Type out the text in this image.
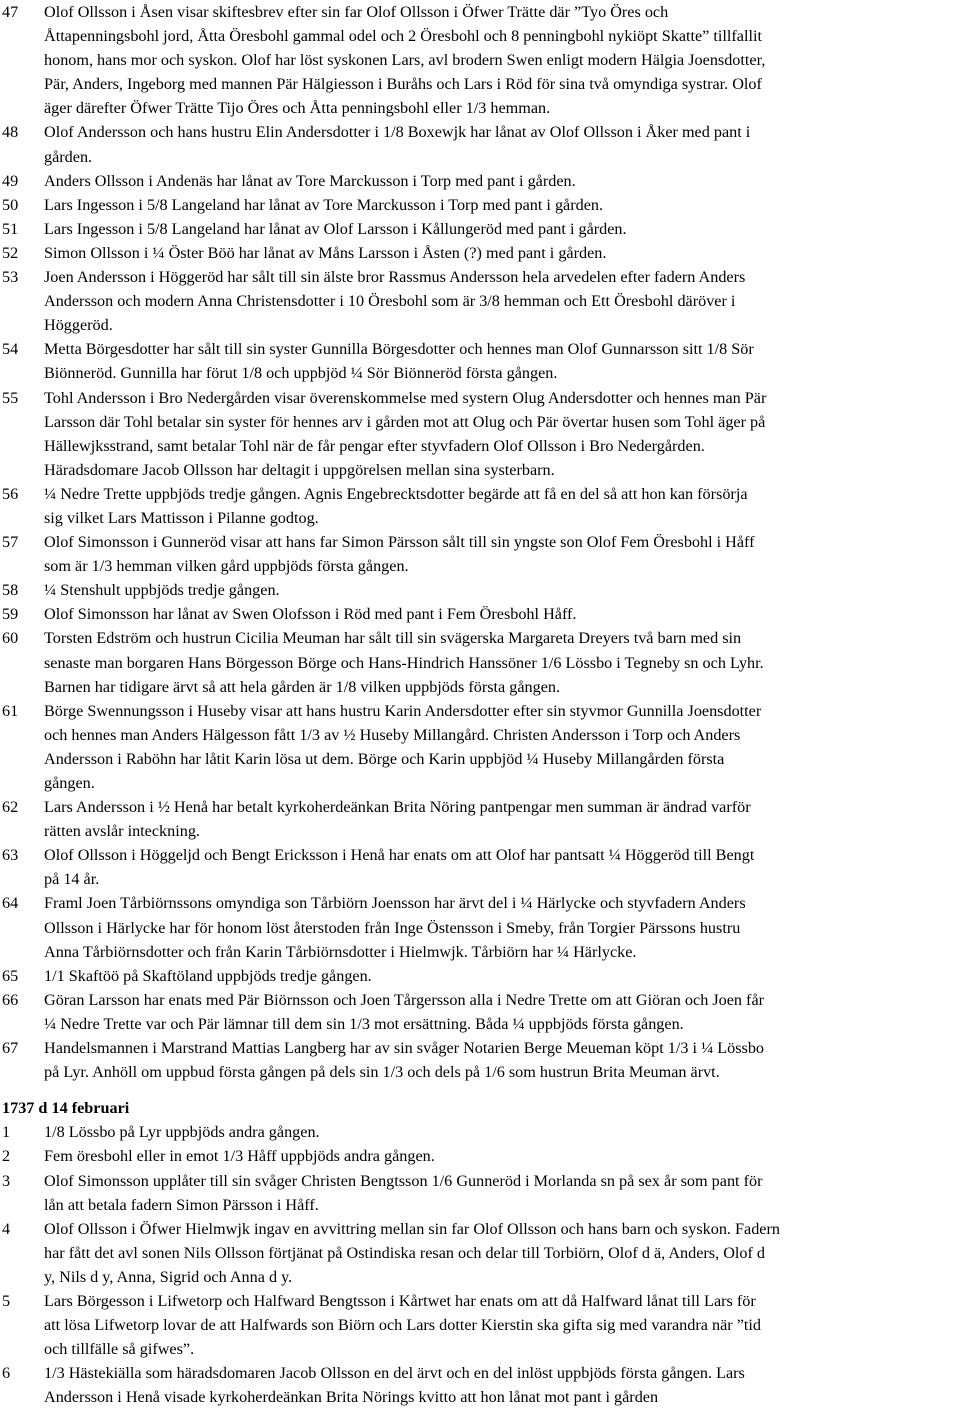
47	Olof Ollsson i Åsen visar skiftesbrev efter sin far Olof Ollsson i Öfwer Trätte där ”Tyo Öres och
Åttapenningsbohl jord, Åtta Öresbohl gammal odel och 2 Öresbohl och 8 penningbohl nykiöpt Skatte” tillfallit
honom, hans mor och syskon. Olof har löst syskonen Lars, avl brodern Swen enligt modern Hälgia Joensdotter,
Pär, Anders, Ingeborg med mannen Pär Hälgiesson i Buråhs och Lars i Röd för sina två omyndiga systrar. Olof
äger därefter Öfwer Trätte Tijo Öres och Åtta penningsbohl eller 1/3 hemman.
48	Olof Andersson och hans hustru Elin Andersdotter i 1/8 Boxewjk har lånat av Olof Ollsson i Åker med pant i
gården.
49	Anders Ollsson i Andenäs har lånat av Tore Marckusson i Torp med pant i gården.
50	Lars Ingesson i 5/8 Langeland har lånat av Tore Marckusson i Torp med pant i gården.
51	Lars Ingesson i 5/8 Langeland har lånat av Olof Larsson i Kållungeröd med pant i gården.
52	Simon Ollsson i ¼ Öster Böö har lånat av Måns Larsson i Åsten (?) med pant i gården.
53	Joen Andersson i Höggeröd har sålt till sin älste bror Rassmus Andersson hela arvedelen efter fadern Anders
Andersson och modern Anna Christensdotter i 10 Öresbohl som är 3/8 hemman och Ett Öresbohl däröver i
Höggeröd.
54	Metta Börgesdotter har sålt till sin syster Gunnilla Börgesdotter och hennes man Olof Gunnarsson sitt 1/8 Sör
Biönneröd. Gunnilla har förut 1/8 och uppbjöd ¼ Sör Biönneröd första gången.
55	Tohl Andersson i Bro Nedergården visar överenskommelse med systern Olug Andersdotter och hennes man Pär
Larsson där Tohl betalar sin syster för hennes arv i gården mot att Olug och Pär övertar husen som Tohl äger på
Hällewjksstrand, samt betalar Tohl när de får pengar efter styvfadern Olof Ollsson i Bro Nedergården.
Häradsdomare Jacob Ollsson har deltagit i uppgörelsen mellan sina systerbarn.
56	¼ Nedre Trette uppbjöds tredje gången. Agnis Engebrecktsdotter begärde att få en del så att hon kan försörja
sig vilket Lars Mattisson i Pilanne godtog.
57	Olof Simonsson i Gunneröd visar att hans far Simon Pärsson sålt till sin yngste son Olof Fem Öresbohl i Håff
som är 1/3 hemman vilken gård uppbjöds första gången.
58	¼ Stenshult uppbjöds tredje gången.
59	Olof Simonsson har lånat av Swen Olofsson i Röd med pant i Fem Öresbohl Håff.
60	Torsten Edström och hustrun Cicilia Meuman har sålt till sin svägerska Margareta Dreyers två barn med sin
senaste man borgaren Hans Börgesson Börge och Hans-Hindrich Hanssöner 1/6 Lössbo i Tegneby sn och Lyhr.
Barnen har tidigare ärvt så att hela gården är 1/8 vilken uppbjöds första gången.
61	Börge Swennungsson i Huseby visar att hans hustru Karin Andersdotter efter sin styvmor Gunnilla Joensdotter
och hennes man Anders Hälgesson fått 1/3 av ½ Huseby Millangård. Christen Andersson i Torp och Anders
Andersson i Raböhn har låtit Karin lösa ut dem. Börge och Karin uppbjöd ¼ Huseby Millangården första
gången.
62	Lars Andersson i ½ Henå har betalt kyrkoherdeänkan Brita Nöring pantpengar men summan är ändrad varför
rätten avslår inteckning.
63	Olof Ollsson i Höggeljd och Bengt Ericksson i Henå har enats om att Olof har pantsatt ¼ Höggeröd till Bengt
på 14 år.
64	Framl Joen Tårbiörnssons omyndiga son Tårbiörn Joensson har ärvt del i ¼ Härlycke och styvfadern Anders
Ollsson i Härlycke har för honom löst återstoden från Inge Östensson i Smeby, från Torgier Pärssons hustru
Anna Tårbiörnsdotter och från Karin Tårbiörnsdotter i Hielmwjk. Tårbiörn har ¼ Härlycke.
65	1/1 Skaftöö på Skaftöland uppbjöds tredje gången.
66	Göran Larsson har enats med Pär Biörnsson och Joen Tårgersson alla i Nedre Trette om att Giöran och Joen får
¼ Nedre Trette var och Pär lämnar till dem sin 1/3 mot ersättning. Båda ¼ uppbjöds första gången.
67	Handelsmannen i Marstrand Mattias Langberg har av sin svåger Notarien Berge Meueman köpt 1/3 i ¼ Lössbo
på Lyr. Anhöll om uppbud första gången på dels sin 1/3 och dels på 1/6 som hustrun Brita Meuman ärvt.
1737 d 14 februari
1	1/8 Lössbo på Lyr uppbjöds andra gången.
2	Fem öresbohl eller in emot 1/3 Håff uppbjöds andra gången.
3	Olof Simonsson upplåter till sin svåger Christen Bengtsson 1/6 Gunneröd i Morlanda sn på sex år som pant för
lån att betala fadern Simon Pärsson i Håff.
4	Olof Ollsson i Öfwer Hielmwjk ingav en avvittring mellan sin far Olof Ollsson och hans barn och syskon. Fadern
har fått det avl sonen Nils Ollsson förtjänat på Ostindiska resan och delar till Torbiörn, Olof d ä, Anders, Olof d
y, Nils d y, Anna, Sigrid och Anna d y.
5	Lars Börgesson i Lifwetorp och Halfward Bengtsson i Kårtwet har enats om att då Halfward lånat till Lars för
att lösa Lifwetorp lovar de att Halfwards son Biörn och Lars dotter Kierstin ska gifta sig med varandra när ”tid
och tillfälle så gifwes”.
6	1/3 Hästekiälla som häradsdomaren Jacob Ollsson en del ärvt och en del inlöst uppbjöds första gången. Lars
Andersson i Henå visade kyrkoherdeänkan Brita Nörings kvitto att hon lånat mot pant i gården
